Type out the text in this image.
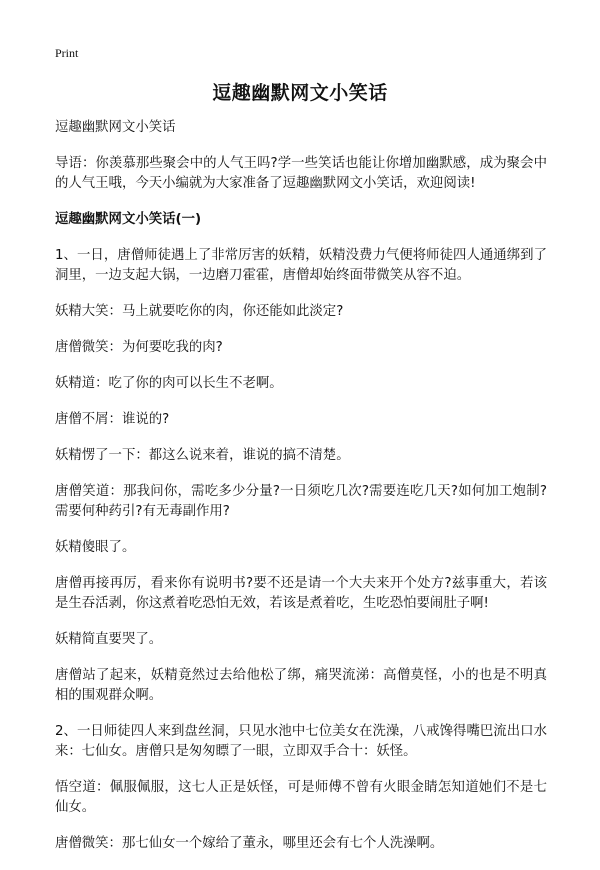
Print
逗趣幽默网文小笑话

逗趣幽默网文小笑话

导语：你羡慕那些聚会中的人气王吗?学一些笑话也能让你增加幽默感，成为聚会中的人气王哦，今天小编就为大家准备了逗趣幽默网文小笑话，欢迎阅读!

逗趣幽默网文小笑话(一)

1、一日，唐僧师徒遇上了非常厉害的妖精，妖精没费力气便将师徒四人通通绑到了洞里，一边支起大锅，一边磨刀霍霍，唐僧却始终面带微笑从容不迫。

妖精大笑：马上就要吃你的肉，你还能如此淡定?

唐僧微笑：为何要吃我的肉?

妖精道：吃了你的肉可以长生不老啊。

唐僧不屑：谁说的?

妖精愣了一下：都这么说来着，谁说的搞不清楚。

唐僧笑道：那我问你，需吃多少分量?一日须吃几次?需要连吃几天?如何加工炮制?需要何种药引?有无毒副作用?

妖精傻眼了。

唐僧再接再厉，看来你有说明书?要不还是请一个大夫来开个处方?兹事重大，若该是生吞活剥，你这煮着吃恐怕无效，若该是煮着吃，生吃恐怕要闹肚子啊!

妖精简直要哭了。

唐僧站了起来，妖精竟然过去给他松了绑，痛哭流涕：高僧莫怪，小的也是不明真相的围观群众啊。

2、一日师徒四人来到盘丝洞，只见水池中七位美女在洗澡，八戒馋得嘴巴流出口水来：七仙女。唐僧只是匆匆瞟了一眼，立即双手合十：妖怪。

悟空道：佩服佩服，这七人正是妖怪，可是师傅不曾有火眼金睛怎知道她们不是七仙女。

唐僧微笑：那七仙女一个嫁给了董永，哪里还会有七个人洗澡啊。
